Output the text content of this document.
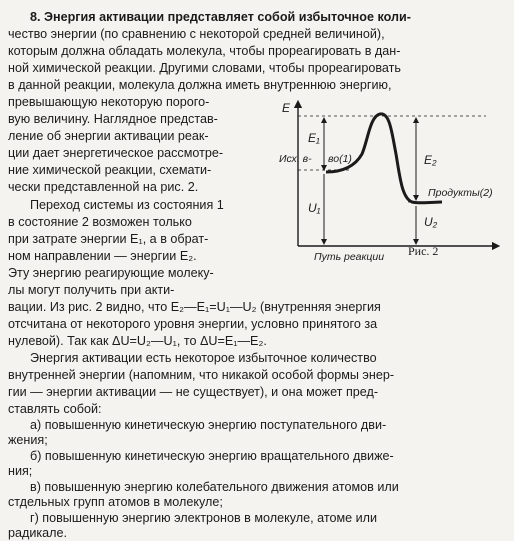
8. Энергия активации представляет собой избыточное коли-
чество энергии (по сравнению с некоторой средней величиной),
которым должна обладать молекула, чтобы прореагировать в дан-
ной химической реакции. Другими словами, чтобы прореагировать
в данной реакции, молекула должна иметь внутреннюю энергию,
превышающую некоторую порого-
вую величину. Наглядное представ-
ление об энергии активации реак-
ции дает энергетическое рассмотре-
ние химической реакции, схемати-
чески представленной на рис. 2.
Переход системы из состояния 1
в состояние 2 возможен только
при затрате энергии E₁, а в обрат-
ном направлении — энергии E₂.
Эту энергию реагирующие молеку-
лы могут получить при акти-
вации. Из рис. 2 видно, что E₂—E₁=U₁—U₂ (внутренняя энергия
отсчитана от некоторого уровня энергии, условно принятого за
нулевой). Так как ΔU=U₂—U₁, то ΔU=E₁—E₂.
Энергия активации есть некоторое избыточное количество
внутренней энергии (напомним, что никакой особой формы энер-
гии — энергии активации — не существует), и она может пред-
ставлять собой:
а) повышенную кинетическую энергию поступательного дви-
жения;
б) повышенную кинетическую энергию вращательного движе-
ния;
в) повышенную энергию колебательного движения атомов или
стдельных групп атомов в молекуле;
г) повышенную энергию электронов в молекуле, атоме или
радикале.
E
E₁
U₁
E₂
U₂
Исх. в- во(1)
Продукты(2)
Путь реакции Рис. 2
